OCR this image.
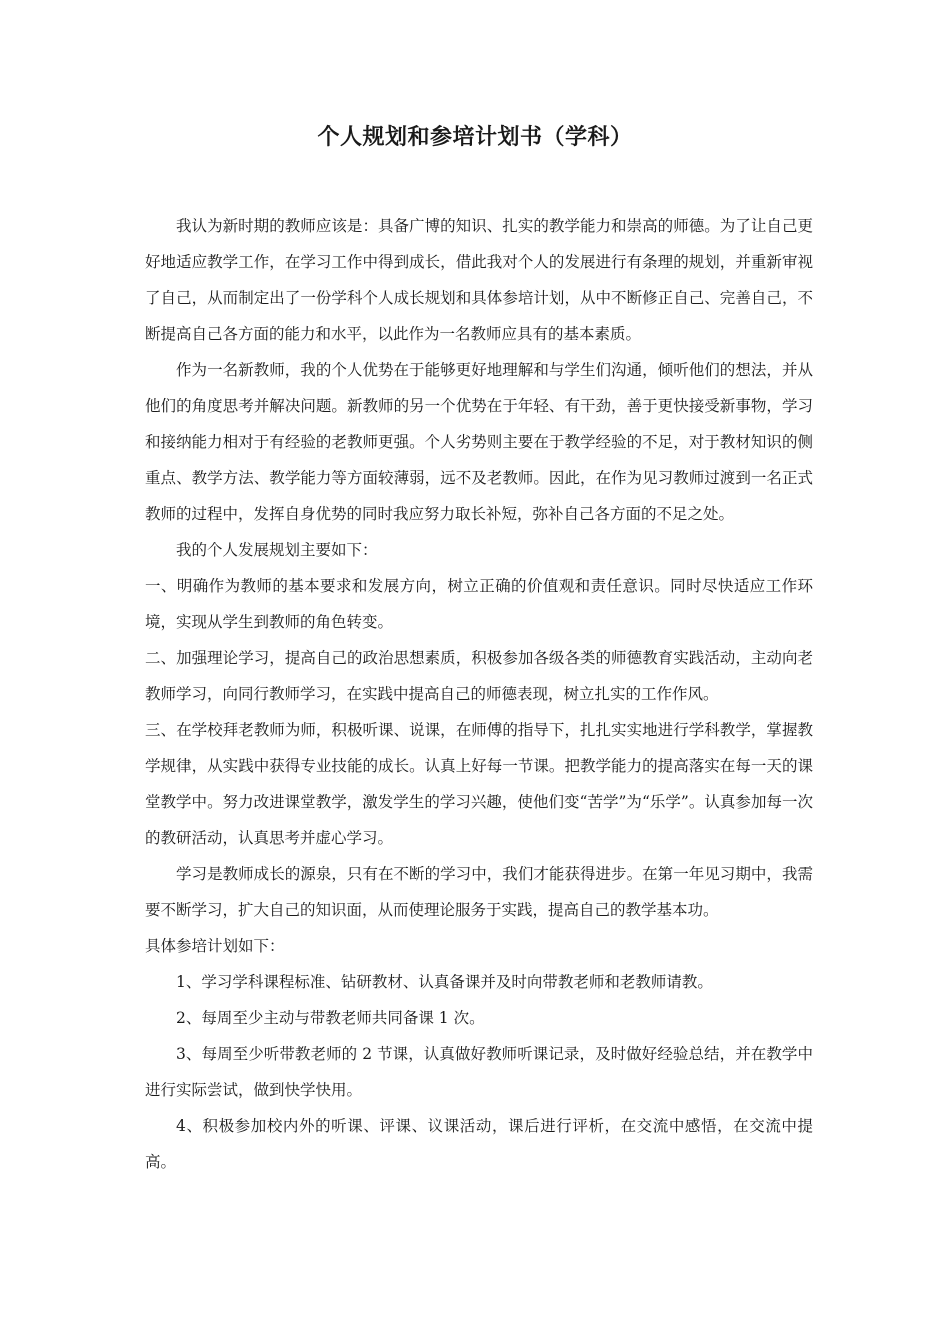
个人规划和参培计划书（学科）

我认为新时期的教师应该是：具备广博的知识、扎实的教学能力和崇高的师德。为了让自己更好地适应教学工作，在学习工作中得到成长，借此我对个人的发展进行有条理的规划，并重新审视了自己，从而制定出了一份学科个人成长规划和具体参培计划，从中不断修正自己、完善自己，不断提高自己各方面的能力和水平，以此作为一名教师应具有的基本素质。

作为一名新教师，我的个人优势在于能够更好地理解和与学生们沟通，倾听他们的想法，并从他们的角度思考并解决问题。新教师的另一个优势在于年轻、有干劲，善于更快接受新事物，学习和接纳能力相对于有经验的老教师更强。个人劣势则主要在于教学经验的不足，对于教材知识的侧重点、教学方法、教学能力等方面较薄弱，远不及老教师。因此，在作为见习教师过渡到一名正式教师的过程中，发挥自身优势的同时我应努力取长补短，弥补自己各方面的不足之处。

我的个人发展规划主要如下：

一、明确作为教师的基本要求和发展方向，树立正确的价值观和责任意识。同时尽快适应工作环境，实现从学生到教师的角色转变。

二、加强理论学习，提高自己的政治思想素质，积极参加各级各类的师德教育实践活动，主动向老教师学习，向同行教师学习，在实践中提高自己的师德表现，树立扎实的工作作风。

三、在学校拜老教师为师，积极听课、说课，在师傅的指导下，扎扎实实地进行学科教学，掌握教学规律，从实践中获得专业技能的成长。认真上好每一节课。把教学能力的提高落实在每一天的课堂教学中。努力改进课堂教学，激发学生的学习兴趣，使他们变“苦学”为“乐学”。认真参加每一次的教研活动，认真思考并虚心学习。

学习是教师成长的源泉，只有在不断的学习中，我们才能获得进步。在第一年见习期中，我需要不断学习，扩大自己的知识面，从而使理论服务于实践，提高自己的教学基本功。

具体参培计划如下：

1、学习学科课程标准、钻研教材、认真备课并及时向带教老师和老教师请教。

2、每周至少主动与带教老师共同备课 1 次。

3、每周至少听带教老师的 2 节课，认真做好教师听课记录，及时做好经验总结，并在教学中进行实际尝试，做到快学快用。

4、积极参加校内外的听课、评课、议课活动，课后进行评析，在交流中感悟，在交流中提高。
